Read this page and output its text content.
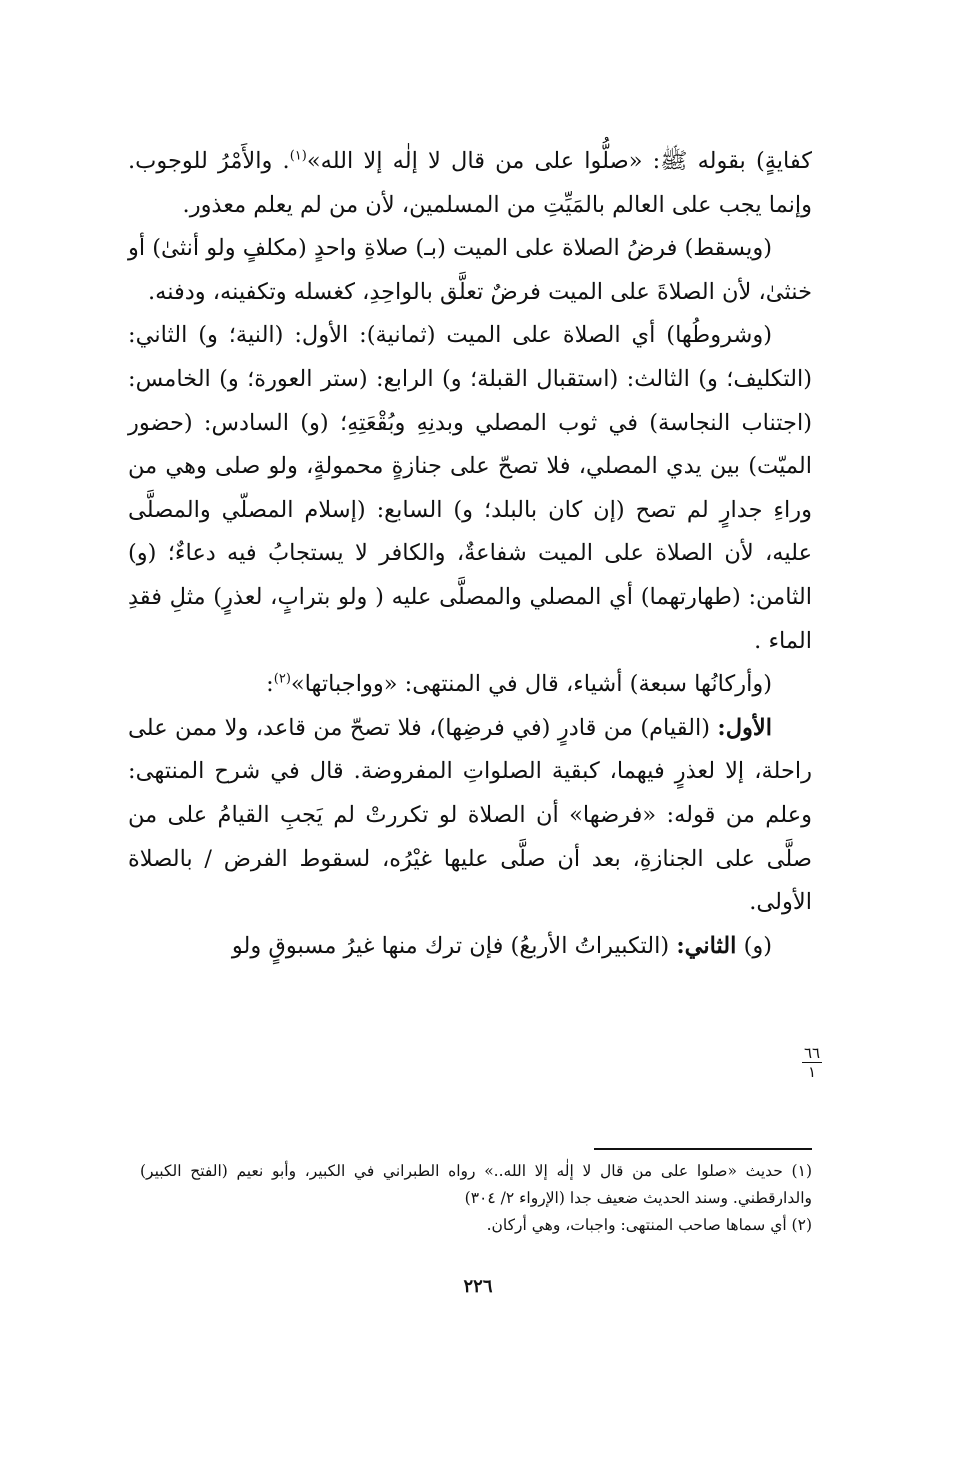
كفايةٍ) بقوله ﷺ: «صلُّوا على من قال لا إلٰه إلا الله»$^{(١)}$. والأَمْرُ للوجوب. وإنما يجب على العالم بالمَيِّتِ من المسلمين، لأن من لم يعلم معذور.

(ويسقط) فرضُ الصلاة على الميت (بـ) صلاةِ واحدٍ (مكلفٍ ولو أنثىٰ) أو خنثىٰ، لأن الصلاةَ على الميت فرضٌ تعلَّق بالواحِدِ، كغسله وتكفينه، ودفنه.

(وشروطُها) أي الصلاة على الميت (ثمانية): الأول: (النية؛ و) الثاني: (التكليف؛ و) الثالث: (استقبال القبلة؛ و) الرابع: (ستر العورة؛ و) الخامس: (اجتناب النجاسة) في ثوب المصلي وبدنِهِ وبُقْعَتِهِ؛ (و) السادس: (حضور الميّت) بين يدي المصلي، فلا تصحّ على جنازةٍ محمولةٍ، ولو صلى وهي من وراءِ جدارٍ لم تصح (إن كان بالبلد؛ و) السابع: (إسلام المصلّي والمصلَّى عليه، لأن الصلاة على الميت شفاعةٌ، والكافر لا يستجابُ فيه دعاءٌ؛ (و) الثامن: (طهارتهما) أي المصلي والمصلَّى عليه ( ولو بترابٍ، لعذرٍ) مثلِ فقدِ الماء .

(وأركانُها سبعة) أشياء، قال في المنتهى: «وواجباتها»$^{(٢)}$:

الأول: (القيام) من قادرٍ (في فرضِها)، فلا تصحّ من قاعد، ولا ممن على راحلة، إلا لعذرٍ فيهما، كبقية الصلواتِ المفروضة. قال في شرح المنتهى: وعلم من قوله: «فرضها» أن الصلاة لو تكررتْ لم يَجبِ القيامُ على من صلَّى على الجنازةِ، بعد أن صلَّى عليها غيْرُه، لسقوط الفرض / بالصلاة الأولى.

(و) الثاني: (التكبيراتُ الأربعُ) فإن ترك منها غيرُ مسبوقٍ ولو

٦٦
١

(١) حديث «صلوا على من قال لا إلٰه إلا الله..» رواه الطبراني في الكبير، وأبو نعيم (الفتح الكبير) والدارقطني. وسند الحديث ضعيف جدا (الإرواء ٢/ ٣٠٤)

(٢) أي سماها صاحب المنتهى: واجبات، وهي أركان.

٢٢٦
